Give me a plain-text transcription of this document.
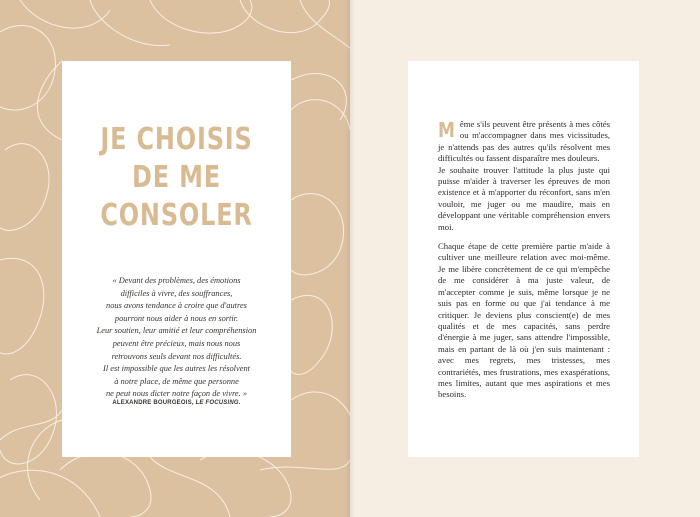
JE CHOISIS
DE ME
CONSOLER

« Devant des problèmes, des émotions
difficiles à vivre, des souffrances,
nous avons tendance à croire que d'autres
pourront nous aider à nous en sortir.
Leur soutien, leur amitié et leur compréhension
peuvent être précieux, mais nous nous
retrouvons seuls devant nos difficultés.
Il est impossible que les autres les résolvent
à notre place, de même que personne
ne peut nous dicter notre façon de vivre. »

ALEXANDRE BOURGEOIS, LE FOCUSING.

Même s'ils peuvent être présents à mes côtés ou m'accompagner dans mes vicissitudes, je n'attends pas des autres qu'ils résolvent mes difficultés ou fassent disparaître mes douleurs.

Je souhaite trouver l'attitude la plus juste qui puisse m'aider à traverser les épreuves de mon existence et à m'apporter du réconfort, sans m'en vouloir, me juger ou me maudire, mais en développant une véritable compréhension envers moi.

Chaque étape de cette première partie m'aide à cultiver une meilleure relation avec moi-même. Je me libère concrètement de ce qui m'empêche de me considérer à ma juste valeur, de m'accepter comme je suis, même lorsque je ne suis pas en forme ou que j'ai tendance à me critiquer. Je deviens plus conscient(e) de mes qualités et de mes capacités, sans perdre d'énergie à me juger, sans attendre l'impossible, mais en partant de là où j'en suis maintenant : avec mes regrets, mes tristesses, mes contrariétés, mes frustrations, mes exaspérations, mes limites, autant que mes aspirations et mes besoins.
